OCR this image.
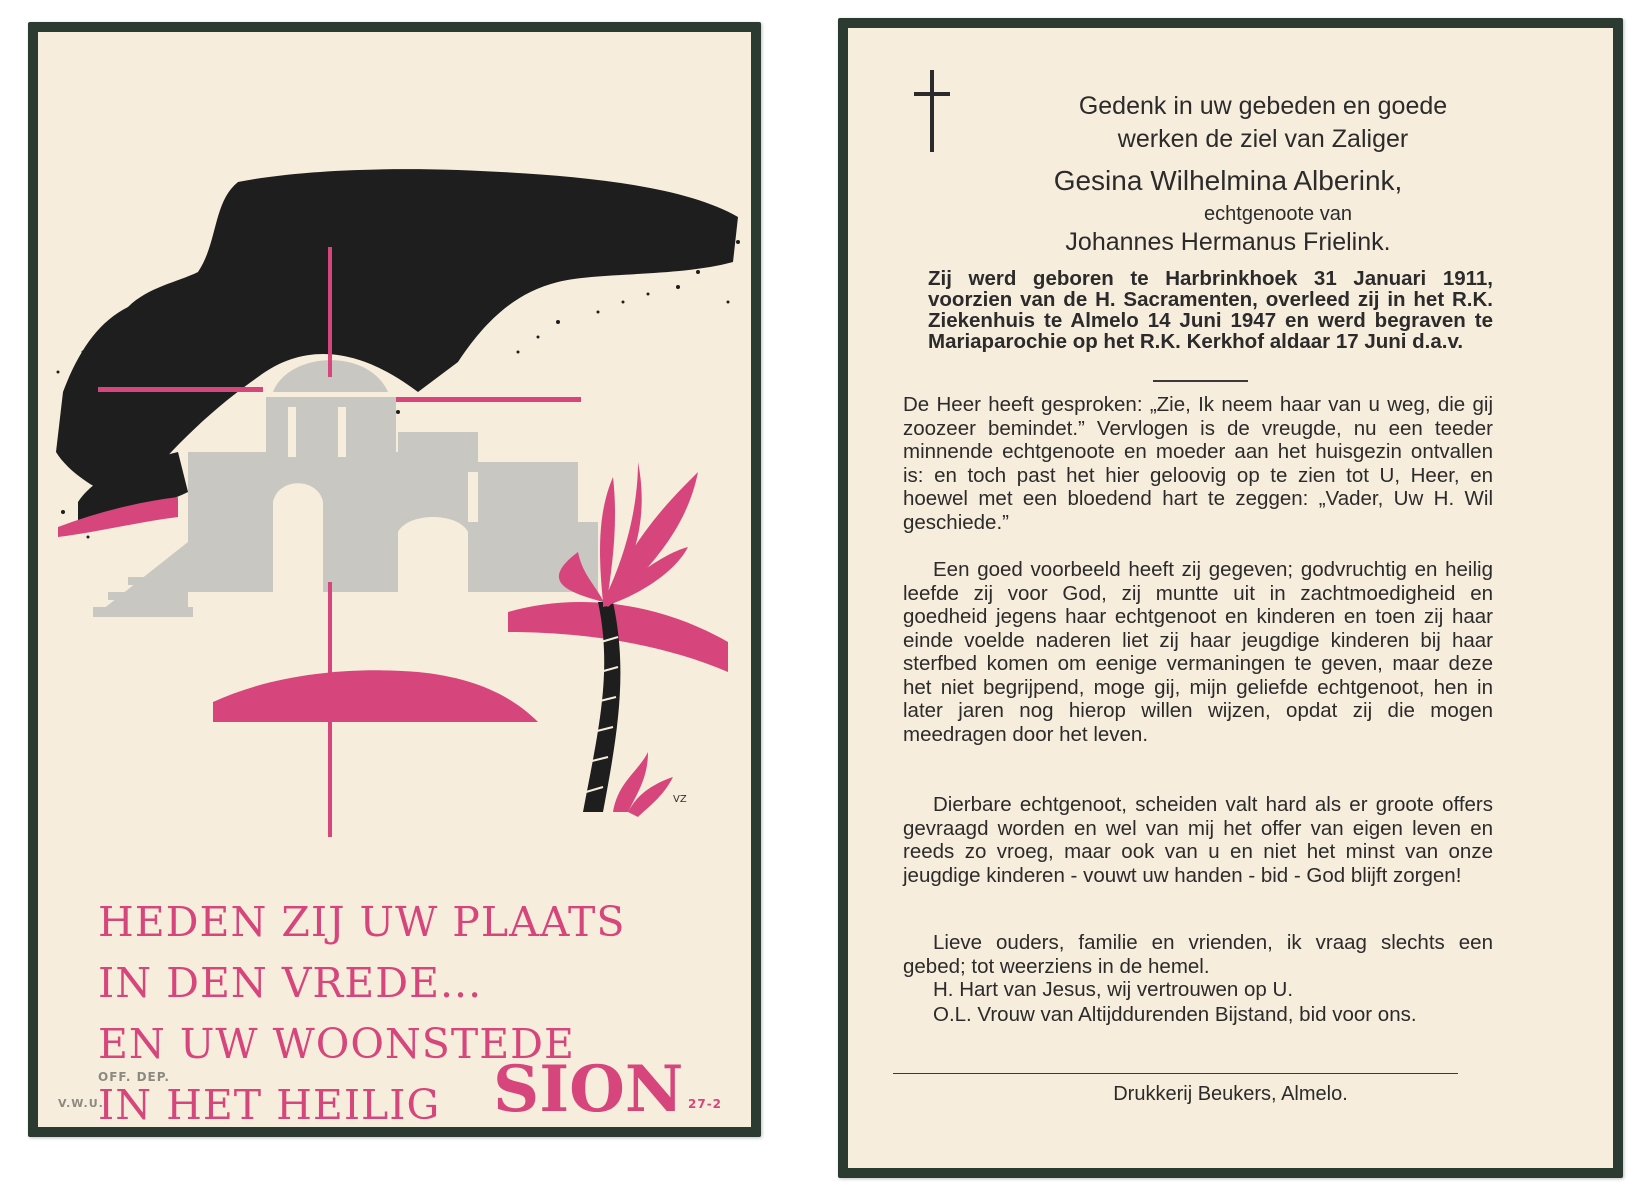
VZ
HEDEN ZIJ UW PLAATS
IN DEN VREDE...
EN UW WOONSTEDE
IN HET HEILIG SION
OFF. DEP.
V.W.U.	27-2
Gedenk in uw gebeden en goede
werken de ziel van Zaliger
Gesina Wilhelmina Alberink,
echtgenoote van
Johannes Hermanus Frielink.
Zij werd geboren te Harbrinkhoek 31 Januari 1911, voorzien van de H. Sacramenten, overleed zij in het R.K. Ziekenhuis te Almelo 14 Juni 1947 en werd begraven te Mariaparochie op het R.K. Kerkhof aldaar 17 Juni d.a.v.
De Heer heeft gesproken: „Zie, Ik neem haar van u weg, die gij zoozeer bemindet.” Vervlogen is de vreugde, nu een teeder minnende echtgenoote en moeder aan het huisgezin ontvallen is: en toch past het hier geloovig op te zien tot U, Heer, en hoewel met een bloedend hart te zeggen: „Vader, Uw H. Wil geschiede.”
Een goed voorbeeld heeft zij gegeven; godvruchtig en heilig leefde zij voor God, zij muntte uit in zachtmoedigheid en goedheid jegens haar echtgenoot en kinderen en toen zij haar einde voelde naderen liet zij haar jeugdige kinderen bij haar sterfbed komen om eenige vermaningen te geven, maar deze het niet begrijpend, moge gij, mijn geliefde echtgenoot, hen in later jaren nog hierop willen wijzen, opdat zij die mogen meedragen door het leven.
Dierbare echtgenoot, scheiden valt hard als er groote offers gevraagd worden en wel van mij het offer van eigen leven en reeds zo vroeg, maar ook van u en niet het minst van onze jeugdige kinderen - vouwt uw handen - bid - God blijft zorgen!
Lieve ouders, familie en vrienden, ik vraag slechts een gebed; tot weerziens in de hemel.
H. Hart van Jesus, wij vertrouwen op U.
O.L. Vrouw van Altijddurenden Bijstand, bid voor ons.
Drukkerij Beukers, Almelo.
